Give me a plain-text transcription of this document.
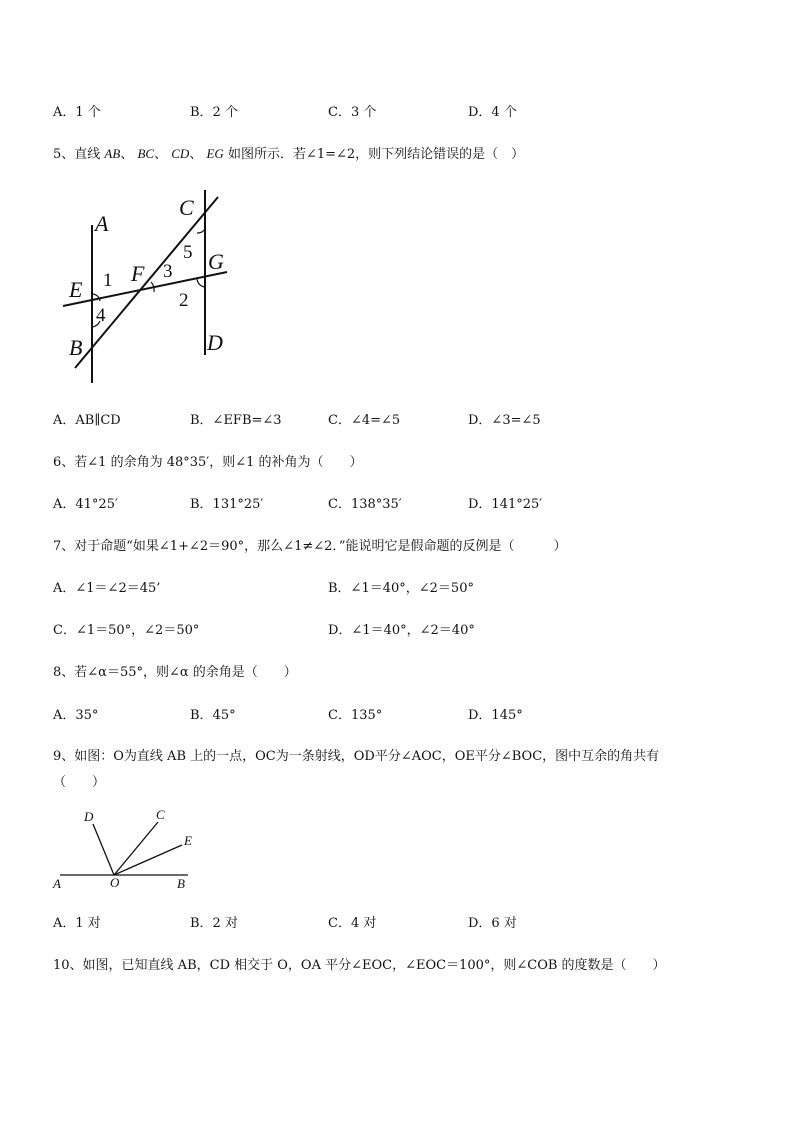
A．1 个	B．2 个	C．3 个	D．4 个
5、直线 AB、 BC、 CD、 EG 如图所示．若∠1=∠2，则下列结论错误的是（　）
A
B
C
D
E
F	G
1
2
3
4
5
A．AB∥CD	B．∠EFB=∠3	C．∠4=∠5	D．∠3=∠5
6、若∠1 的余角为 48°35′，则∠1 的补角为（　　）
A．41°25′	B．131°25′	C．138°35′	D．141°25′
7、对于命题“如果∠1+∠2＝90°，那么∠1≠∠2．”能说明它是假命题的反例是（　　　）
A．∠1＝∠2＝45’	B．∠1＝40°，∠2＝50°
C．∠1＝50°，∠2＝50°	D．∠1＝40°，∠2＝40°
8、若∠α＝55°，则∠α 的余角是（　　）
A．35°	B．45°	C．135°	D．145°
9、如图：O为直线 AB 上的一点，OC为一条射线，OD平分∠AOC，OE平分∠BOC，图中互余的角共有
（　　）
D	C
E
A	O	B
A．1 对	B．2 对	C．4 对	D．6 对
10、如图，已知直线 AB，CD 相交于 O，OA 平分∠EOC，∠EOC＝100°，则∠COB 的度数是（　　）
